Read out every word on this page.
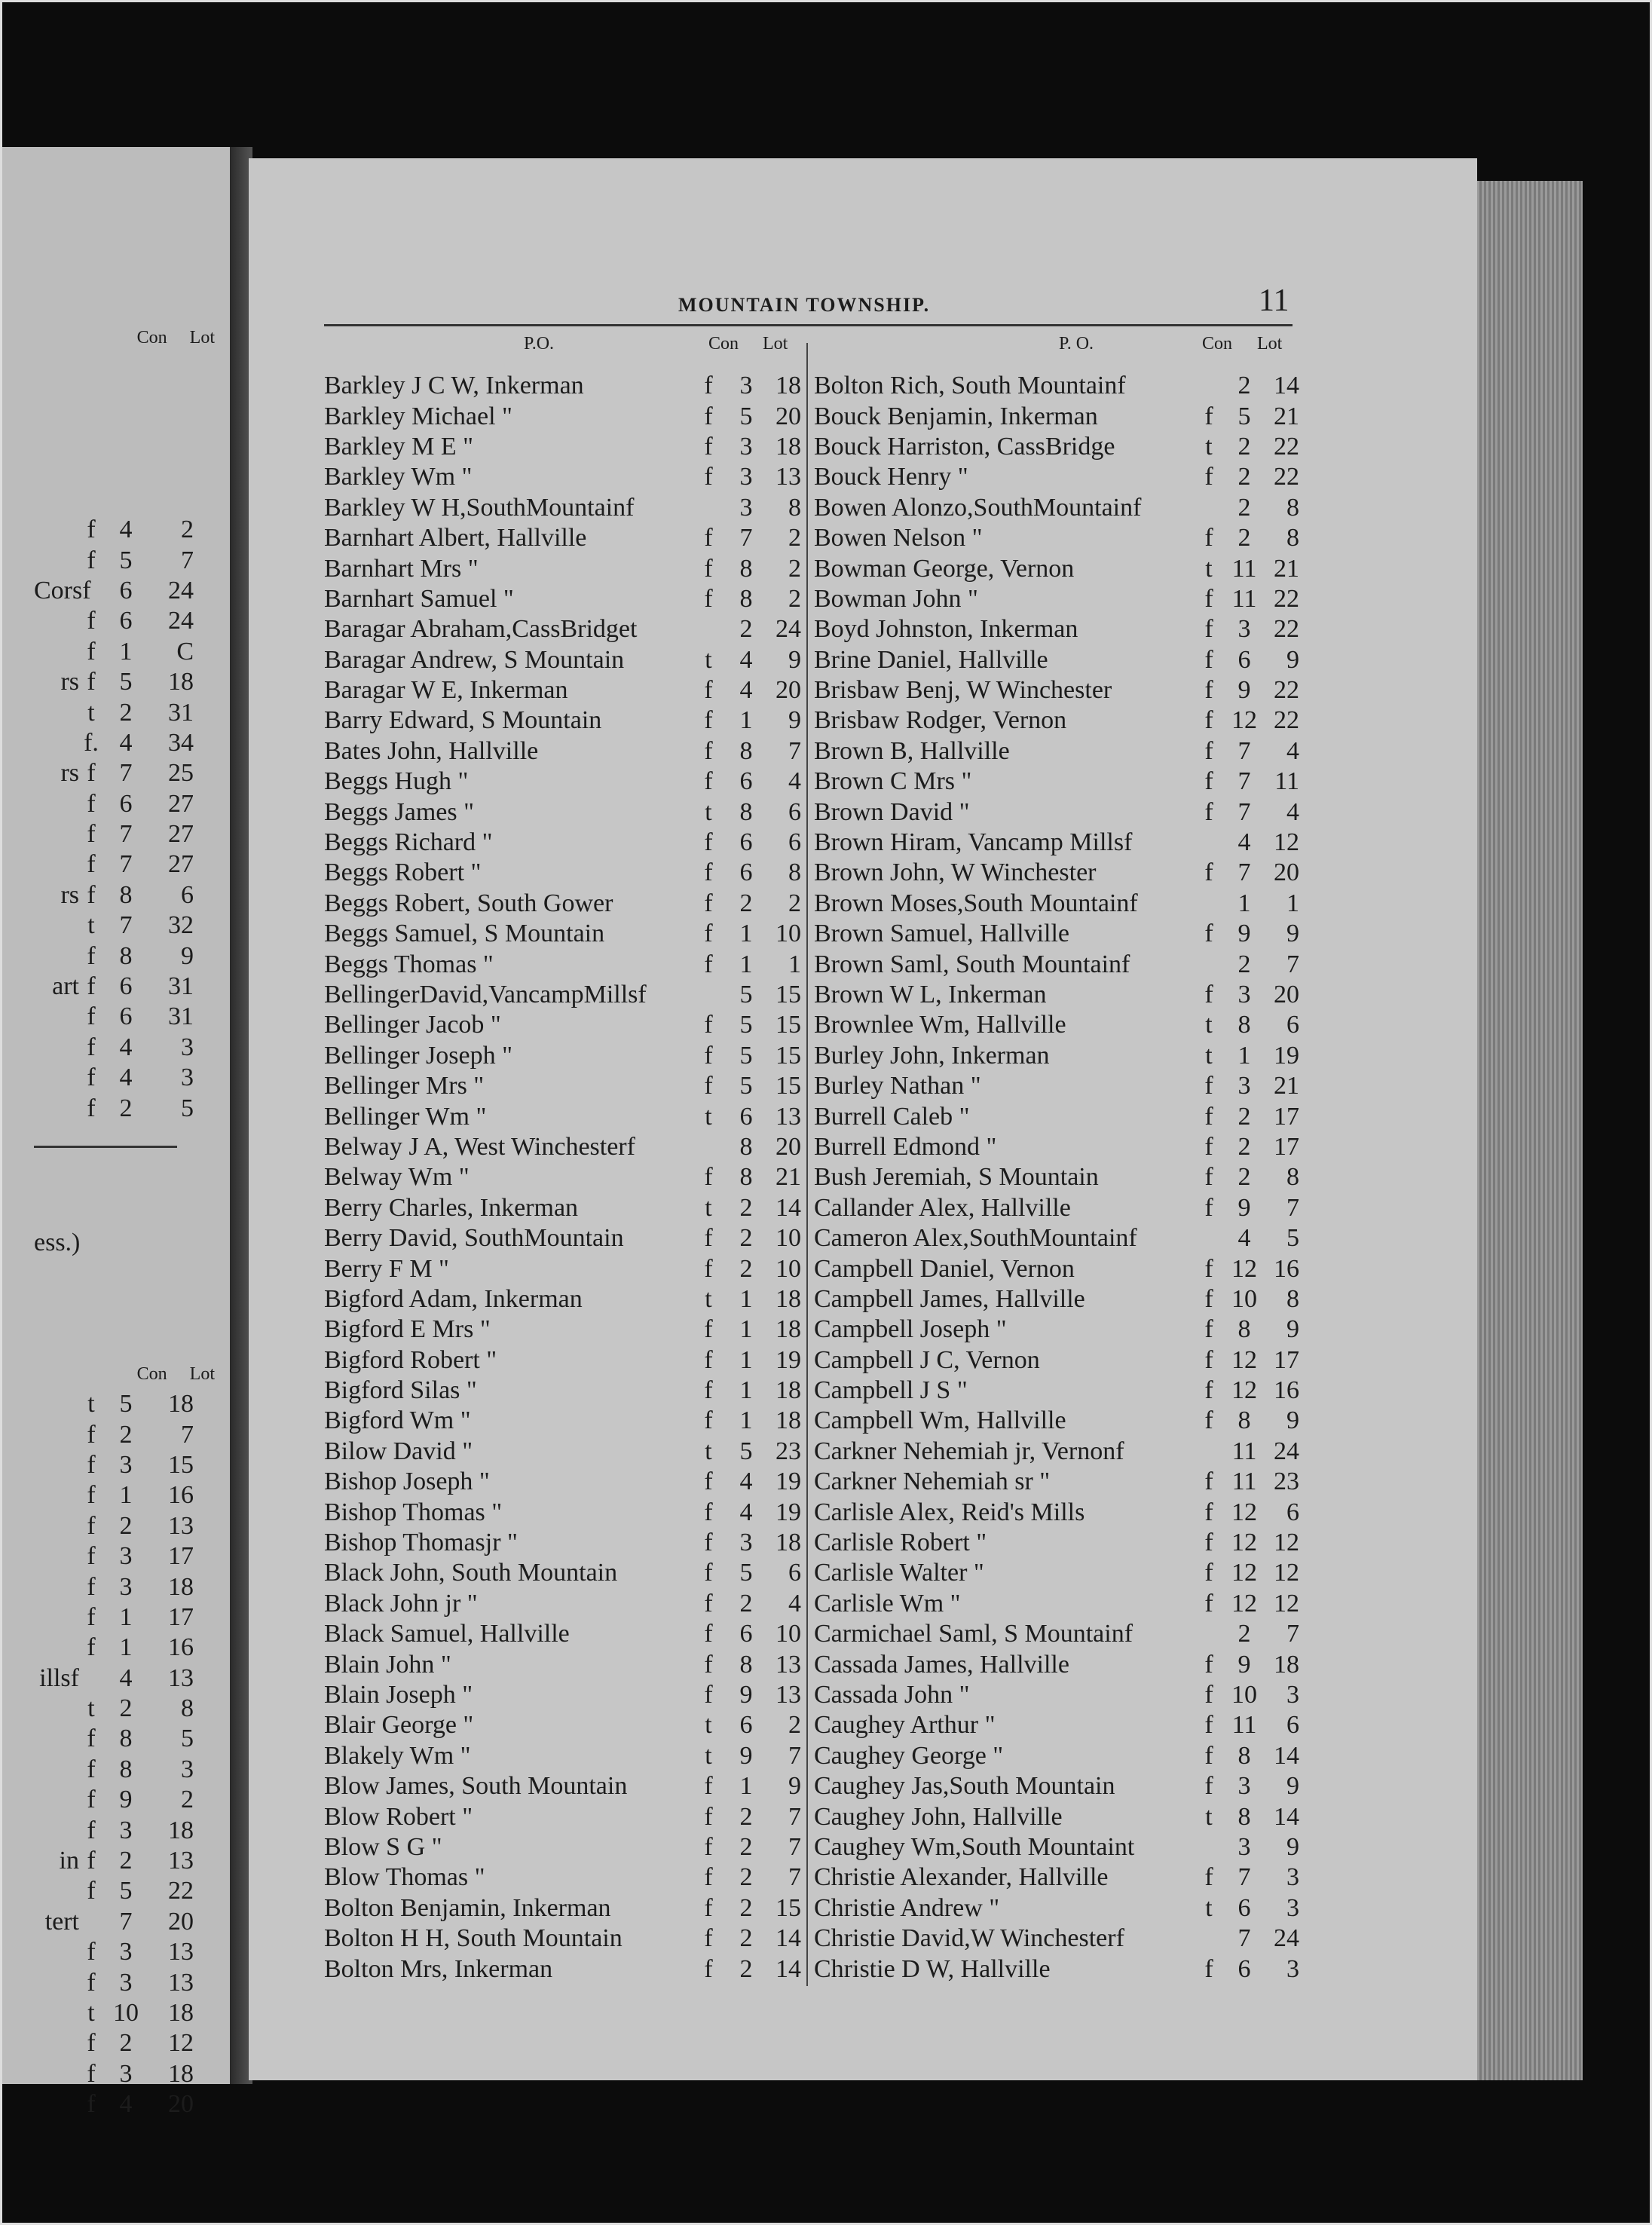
Con Lot
f 4	2
f 5	7
Corsf	6	24
f 6	24
f 1	C
rs f 5	18
t 2	31
f. 4	34
rs f 7	25
f 6	27
f 7	27
f 7	27
rs f 8	6
t 7	32
f 8	9
art f 6	31
f 6	31
f 4	3
f 4	3
f 2	5
ess.)
Con Lot
t 5	18
f 2	7
f 3	15
f 1	16
f 2	13
f 3	17
f 3	18
f 1	17
f 1	16
illsf	4	13
t 2	8
f 8	5
f 8	3
f 9	2
f 3	18
in f 2	13
f 5	22
tert	7	20
f 3	13
f 3	13
t 10	18
f 2	12
f 3	18
f 4	20
MOUNTAIN TOWNSHIP.	11
P.O.	Con Lot	P. O.	Con Lot
Barkley J C W, Inkerman	f	3 18
Barkley Michael "	f	5 20
Barkley M E "	f	3 18
Barkley Wm "	f	3 13
Barkley W H,SouthMountainf	3	8
Barnhart Albert, Hallville	f	7	2
Barnhart Mrs "	f	8	2
Barnhart Samuel "	f	8	2
Baragar Abraham,CassBridget	2 24
Baragar Andrew, S Mountain	t	4	9
Baragar W E, Inkerman	f	4 20
Barry Edward, S Mountain	f	1	9
Bates John, Hallville	f	8	7
Beggs Hugh "	f	6	4
Beggs James "	t	8	6
Beggs Richard "	f	6	6
Beggs Robert "	f	6	8
Beggs Robert, South Gower	f	2	2
Beggs Samuel, S Mountain	f	1 10
Beggs Thomas "	f	1	1
BellingerDavid,VancampMillsf	5 15
Bellinger Jacob "	f	5 15
Bellinger Joseph "	f	5 15
Bellinger Mrs "	f	5 15
Bellinger Wm "	t	6 13
Belway J A, West Winchesterf	8 20
Belway Wm "	f	8 21
Berry Charles, Inkerman	t	2 14
Berry David, SouthMountain	f	2 10
Berry F M "	f	2 10
Bigford Adam, Inkerman	t	1 18
Bigford E Mrs "	f	1 18
Bigford Robert "	f	1 19
Bigford Silas "	f	1 18
Bigford Wm "	f	1 18
Bilow David "	t	5 23
Bishop Joseph "	f	4 19
Bishop Thomas "	f	4 19
Bishop Thomasjr "	f	3 18
Black John, South Mountain	f	5	6
Black John jr "	f	2	4
Black Samuel, Hallville	f	6 10
Blain John "	f	8 13
Blain Joseph "	f	9 13
Blair George "	t	6	2
Blakely Wm "	t	9	7
Blow James, South Mountain	f	1	9
Blow Robert "	f	2	7
Blow S G "	f	2	7
Blow Thomas "	f	2	7
Bolton Benjamin, Inkerman	f	2 15
Bolton H H, South Mountain	f	2 14
Bolton Mrs, Inkerman	f	2 14
Bolton Rich, South Mountainf	2 14
Bouck Benjamin, Inkerman	f 5 21
Bouck Harriston, CassBridge	t 2 22
Bouck Henry "	f 2 22
Bowen Alonzo,SouthMountainf	2	8
Bowen Nelson "	f 2	8
Bowman George, Vernon	t 11 21
Bowman John "	f 11 22
Boyd Johnston, Inkerman	f 3 22
Brine Daniel, Hallville	f 6	9
Brisbaw Benj, W Winchester	f 9 22
Brisbaw Rodger, Vernon	f 12 22
Brown B, Hallville	f 7	4
Brown C Mrs "	f 7 11
Brown David "	f 7	4
Brown Hiram, Vancamp Millsf	4 12
Brown John, W Winchester	f 7 20
Brown Moses,South Mountainf	1	1
Brown Samuel, Hallville	f 9	9
Brown Saml, South Mountainf	2	7
Brown W L, Inkerman	f 3 20
Brownlee Wm, Hallville	t 8	6
Burley John, Inkerman	t 1 19
Burley Nathan "	f 3 21
Burrell Caleb "	f 2 17
Burrell Edmond "	f 2 17
Bush Jeremiah, S Mountain	f 2	8
Callander Alex, Hallville	f 9	7
Cameron Alex,SouthMountainf	4	5
Campbell Daniel, Vernon	f 12 16
Campbell James, Hallville	f 10	8
Campbell Joseph "	f 8	9
Campbell J C, Vernon	f 12 17
Campbell J S "	f 12 16
Campbell Wm, Hallville	f 8	9
Carkner Nehemiah jr, Vernonf	11 24
Carkner Nehemiah sr "	f 11 23
Carlisle Alex, Reid's Mills	f 12	6
Carlisle Robert "	f 12 12
Carlisle Walter "	f 12 12
Carlisle Wm "	f 12 12
Carmichael Saml, S Mountainf	2	7
Cassada James, Hallville	f 9 18
Cassada John "	f 10	3
Caughey Arthur "	f 11	6
Caughey George "	f 8 14
Caughey Jas,South Mountain	f 3	9
Caughey John, Hallville	t 8 14
Caughey Wm,South Mountaint	3	9
Christie Alexander, Hallville	f 7	3
Christie Andrew "	t 6	3
Christie David,W Winchesterf	7 24
Christie D W, Hallville	f 6	3
